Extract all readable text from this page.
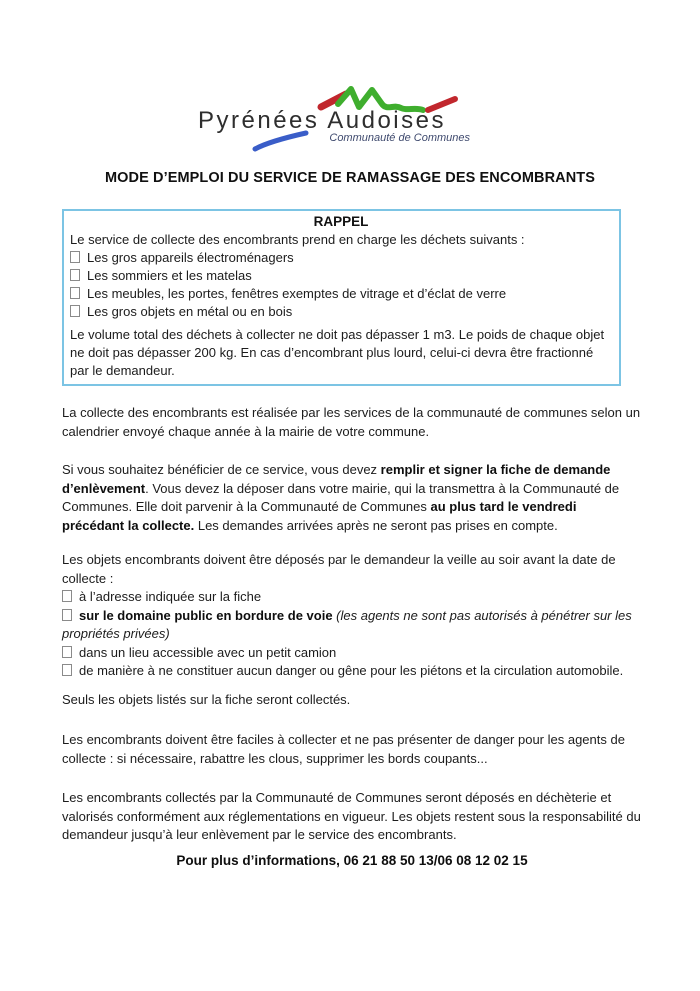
Pyrénées Audoises
Communauté de Communes
MODE D’EMPLOI DU SERVICE DE RAMASSAGE DES ENCOMBRANTS
RAPPEL
Le service de collecte des encombrants prend en charge les déchets suivants :
Les gros appareils électroménagers
Les sommiers et les matelas
Les meubles, les portes, fenêtres exemptes de vitrage et d’éclat de verre
Les gros objets en métal ou en bois

Le volume total des déchets à collecter ne doit pas dépasser 1 m3. Le poids de chaque objet ne doit pas dépasser 200 kg. En cas d’encombrant plus lourd, celui-ci devra être fractionné par le demandeur.

La collecte des encombrants est réalisée par les services de la communauté de communes selon un calendrier envoyé chaque année à la mairie de votre commune.

Si vous souhaitez bénéficier de ce service, vous devez remplir et signer la fiche de demande d’enlèvement. Vous devez la déposer dans votre mairie, qui la transmettra à la Communauté de Communes. Elle doit parvenir à la Communauté de Communes au plus tard le vendredi précédant la collecte. Les demandes arrivées après ne seront pas prises en compte.

Les objets encombrants doivent être déposés par le demandeur la veille au soir avant la date de collecte :
à l’adresse indiquée sur la fiche
sur le domaine public en bordure de voie (les agents ne sont pas autorisés à pénétrer sur les propriétés privées)
dans un lieu accessible avec un petit camion
de manière à ne constituer aucun danger ou gêne pour les piétons et la circulation automobile.

Seuls les objets listés sur la fiche seront collectés.

Les encombrants doivent être faciles à collecter et ne pas présenter de danger pour les agents de collecte : si nécessaire, rabattre les clous, supprimer les bords coupants...

Les encombrants collectés par la Communauté de Communes seront déposés en déchèterie et valorisés conformément aux réglementations en vigueur. Les objets restent sous la responsabilité du demandeur jusqu’à leur enlèvement par le service des encombrants.

Pour plus d’informations, 06 21 88 50 13/06 08 12 02 15
